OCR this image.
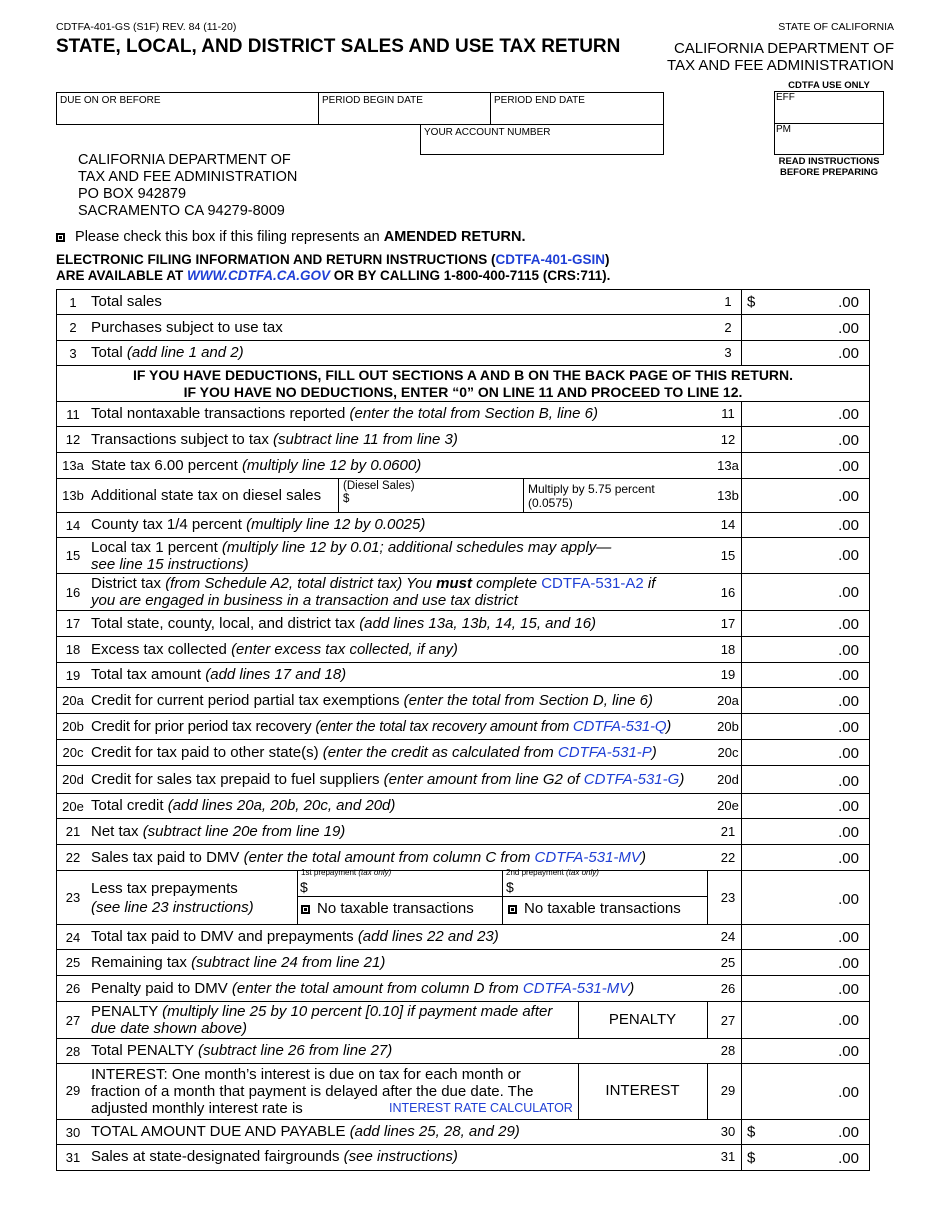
CDTFA-401-GS (S1F) REV. 84 (11-20)	STATE OF CALIFORNIA
STATE, LOCAL, AND DISTRICT SALES AND USE TAX RETURN	CALIFORNIA DEPARTMENT OF
TAX AND FEE ADMINISTRATION
DUE ON OR BEFORE	PERIOD BEGIN DATE	PERIOD END DATE
YOUR ACCOUNT NUMBER
CDTFA USE ONLY
EFF
PM
READ INSTRUCTIONS
BEFORE PREPARING
CALIFORNIA DEPARTMENT OF
TAX AND FEE ADMINISTRATION
PO BOX 942879
SACRAMENTO CA 94279-8009
Please check this box if this filing represents an AMENDED RETURN.
ELECTRONIC FILING INFORMATION AND RETURN INSTRUCTIONS (CDTFA-401-GSIN)
ARE AVAILABLE AT WWW.CDTFA.CA.GOV OR BY CALLING 1-800-400-7115 (CRS:711).
1 Total sales	1	$	.00
2 Purchases subject to use tax	2	.00
3 Total (add line 1 and 2)	3	.00
IF YOU HAVE DEDUCTIONS, FILL OUT SECTIONS A AND B ON THE BACK PAGE OF THIS RETURN.
IF YOU HAVE NO DEDUCTIONS, ENTER “0” ON LINE 11 AND PROCEED TO LINE 12.
11 Total nontaxable transactions reported (enter the total from Section B, line 6)	11	.00
12 Transactions subject to tax (subtract line 11 from line 3)	12	.00
13a State tax 6.00 percent (multiply line 12 by 0.0600)	13a	.00
13b Additional state tax on diesel sales
(Diesel Sales)
$
Multiply by 5.75 percent
(0.0575)	13b	.00
14 County tax 1/4 percent (multiply line 12 by 0.0025)	14	.00
15 Local tax 1 percent (multiply line 12 by 0.01; additional schedules may apply—
see line 15 instructions)
15	.00
16
District tax (from Schedule A2, total district tax) You must complete CDTFA-531-A2 if
you are engaged in business in a transaction and use tax district	16	.00
17 Total state, county, local, and district tax (add lines 13a, 13b, 14, 15, and 16)	17	.00
18 Excess tax collected (enter excess tax collected, if any)	18	.00
19 Total tax amount (add lines 17 and 18)	19	.00
20a Credit for current period partial tax exemptions (enter the total from Section D, line 6)	20a	.00
20b Credit for prior period tax recovery (enter the total tax recovery amount from CDTFA-531-Q)	20b	.00
20c Credit for tax paid to other state(s) (enter the credit as calculated from CDTFA-531-P)	20c	.00
20d Credit for sales tax prepaid to fuel suppliers (enter amount from line G2 of CDTFA-531-G)	20d	.00
20e Total credit (add lines 20a, 20b, 20c, and 20d)	20e	.00
21 Net tax (subtract line 20e from line 19)	21	.00
22 Sales tax paid to DMV (enter the total amount from column C from CDTFA-531-MV)	22	.00
23
Less tax prepayments
(see line 23 instructions)
1st prepayment (tax only)
$
No taxable transactions
2nd prepayment (tax only)
$
No taxable transactions
23	.00
24 Total tax paid to DMV and prepayments (add lines 22 and 23)	24	.00
25 Remaining tax (subtract line 24 from line 21)	25	.00
26 Penalty paid to DMV (enter the total amount from column D from CDTFA-531-MV)	26	.00
27
PENALTY (multiply line 25 by 10 percent [0.10] if payment made after
due date shown above)
PENALTY	27	.00
28 Total PENALTY (subtract line 26 from line 27)	28	.00
29
INTEREST: One month’s interest is due on tax for each month or
fraction of a month that payment is delayed after the due date. The
adjusted monthly interest rate is	INTEREST RATE CALCULATOR
INTEREST	29	.00
30 TOTAL AMOUNT DUE AND PAYABLE (add lines 25, 28, and 29)	30 $	.00
31 Sales at state-designated fairgrounds (see instructions)	31 $	.00
